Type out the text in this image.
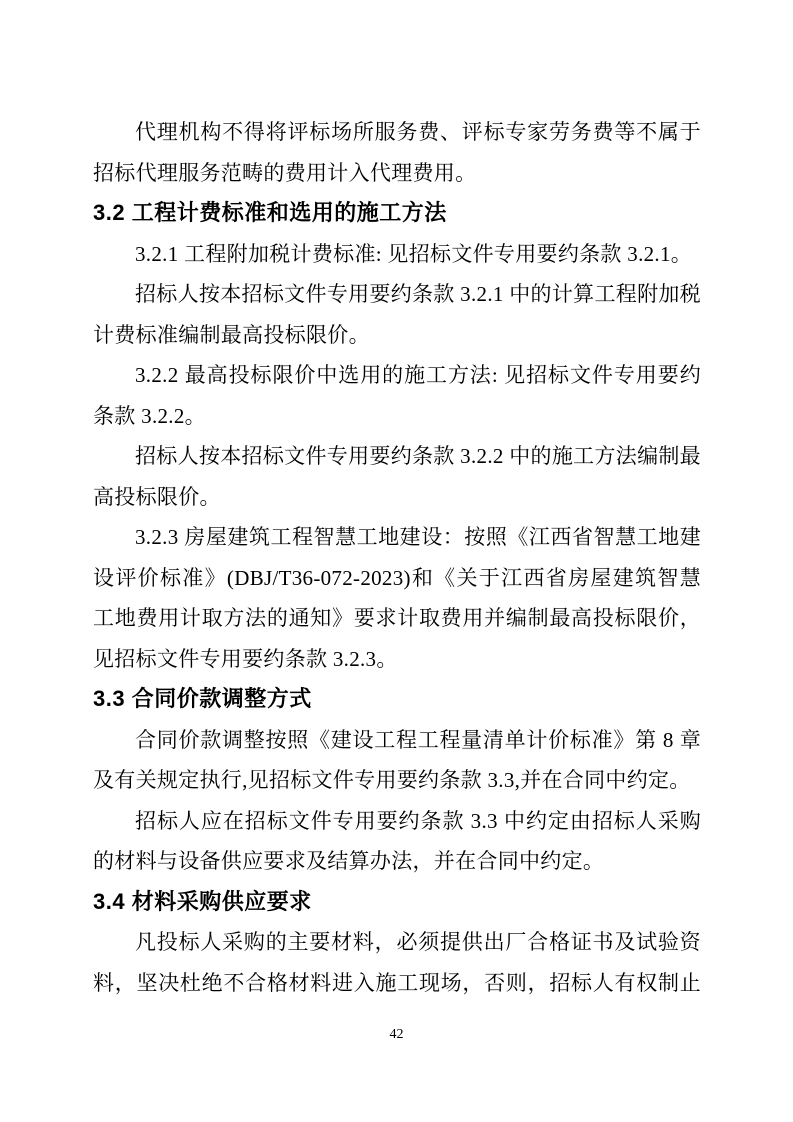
代理机构不得将评标场所服务费、评标专家劳务费等不属于招标代理服务范畴的费用计入代理费用。

3.2 工程计费标准和选用的施工方法

3.2.1 工程附加税计费标准: 见招标文件专用要约条款 3.2.1。

招标人按本招标文件专用要约条款 3.2.1 中的计算工程附加税计费标准编制最高投标限价。

3.2.2 最高投标限价中选用的施工方法: 见招标文件专用要约条款 3.2.2。

招标人按本招标文件专用要约条款 3.2.2 中的施工方法编制最高投标限价。

3.2.3 房屋建筑工程智慧工地建设：按照《江西省智慧工地建设评价标准》(DBJ/T36-072-2023)和《关于江西省房屋建筑智慧工地费用计取方法的通知》要求计取费用并编制最高投标限价，见招标文件专用要约条款 3.2.3。

3.3 合同价款调整方式

合同价款调整按照《建设工程工程量清单计价标准》第 8 章及有关规定执行,见招标文件专用要约条款 3.3,并在合同中约定。

招标人应在招标文件专用要约条款 3.3 中约定由招标人采购的材料与设备供应要求及结算办法，并在合同中约定。

3.4 材料采购供应要求

凡投标人采购的主要材料，必须提供出厂合格证书及试验资料，坚决杜绝不合格材料进入施工现场，否则，招标人有权制止

42
